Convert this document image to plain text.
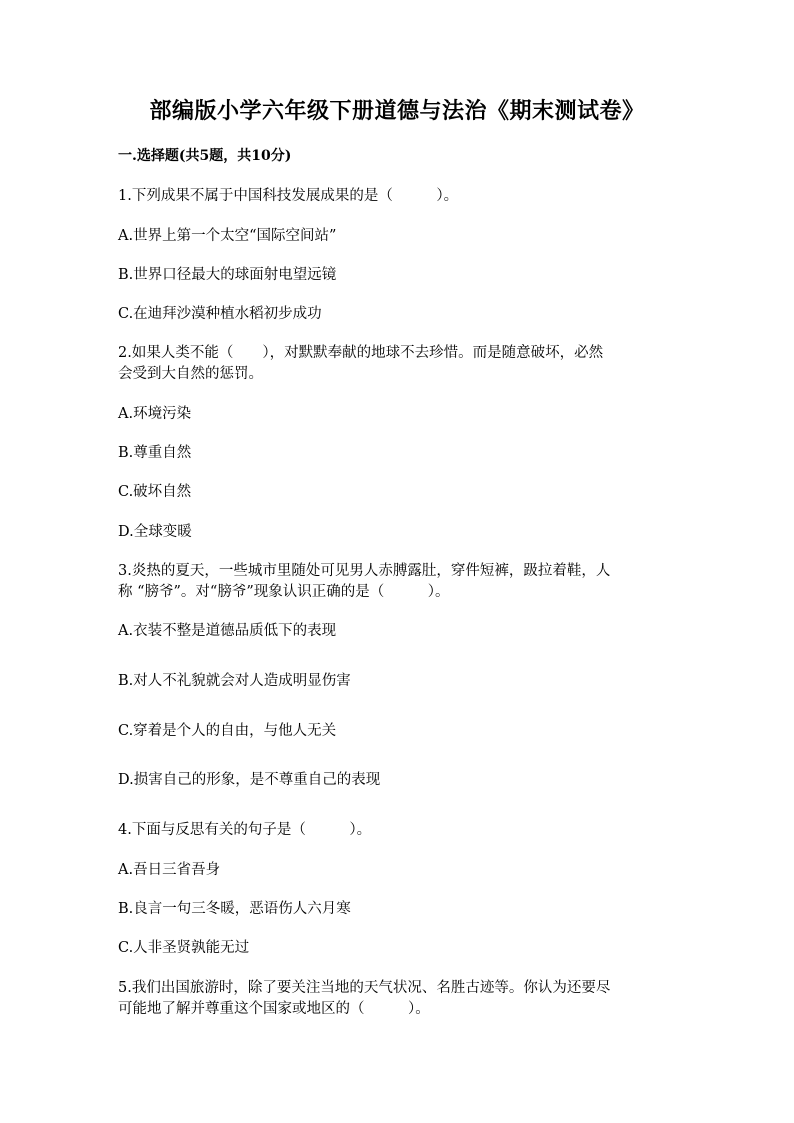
部编版小学六年级下册道德与法治《期末测试卷》
一.选择题(共5题，共10分)
1.下列成果不属于中国科技发展成果的是（　　　）。
A.世界上第一个太空“国际空间站”
B.世界口径最大的球面射电望远镜
C.在迪拜沙漠种植水稻初步成功
2.如果人类不能（　　），对默默奉献的地球不去珍惜。而是随意破坏，必然
会受到大自然的惩罚。
A.环境污染
B.尊重自然
C.破坏自然
D.全球变暖
3.炎热的夏天，一些城市里随处可见男人赤膊露肚，穿件短裤，趿拉着鞋，人
称 “膀爷”。对“膀爷”现象认识正确的是（　　　）。
A.衣装不整是道德品质低下的表现
B.对人不礼貌就会对人造成明显伤害
C.穿着是个人的自由，与他人无关
D.损害自己的形象，是不尊重自己的表现
4.下面与反思有关的句子是（　　　）。
A.吾日三省吾身
B.良言一句三冬暖，恶语伤人六月寒
C.人非圣贤孰能无过
5.我们出国旅游时，除了要关注当地的天气状况、名胜古迹等。你认为还要尽
可能地了解并尊重这个国家或地区的（　　　）。
